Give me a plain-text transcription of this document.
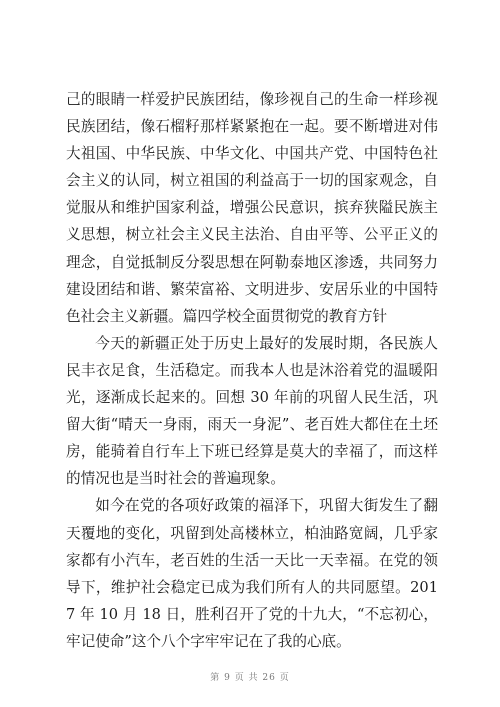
己的眼睛一样爱护民族团结，像珍视自己的生命一样珍视民族团结，像石榴籽那样紧紧抱在一起。要不断增进对伟大祖国、中华民族、中华文化、中国共产党、中国特色社会主义的认同，树立祖国的利益高于一切的国家观念，自觉服从和维护国家利益，增强公民意识，摈弃狭隘民族主义思想，树立社会主义民主法治、自由平等、公平正义的理念，自觉抵制反分裂思想在阿勒泰地区渗透，共同努力建设团结和谐、繁荣富裕、文明进步、安居乐业的中国特色社会主义新疆。篇四学校全面贯彻党的教育方针

今天的新疆正处于历史上最好的发展时期，各民族人民丰衣足食，生活稳定。而我本人也是沐浴着党的温暖阳光，逐渐成长起来的。回想 30 年前的巩留人民生活，巩留大街“晴天一身雨，雨天一身泥”、老百姓大都住在土坯房，能骑着自行车上下班已经算是莫大的幸福了，而这样的情况也是当时社会的普遍现象。

如今在党的各项好政策的福泽下，巩留大街发生了翻天覆地的变化，巩留到处高楼林立，柏油路宽阔，几乎家家都有小汽车，老百姓的生活一天比一天幸福。在党的领导下，维护社会稳定已成为我们所有人的共同愿望。2017 年 10 月 18 日，胜利召开了党的十九大，“不忘初心，牢记使命”这个八个字牢牢记在了我的心底。

第 9 页 共 26 页
